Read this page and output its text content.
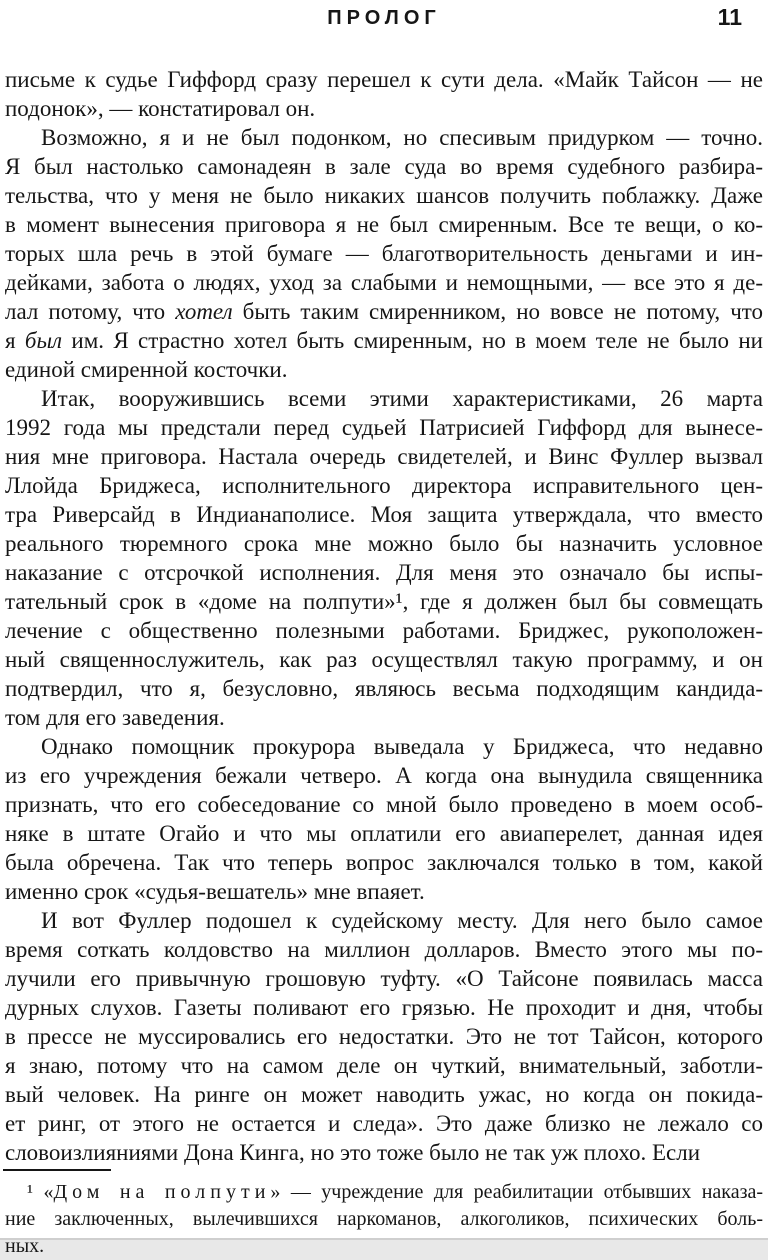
ПРОЛОГ	11
письме к судье Гиффорд сразу перешел к сути дела. «Майк Тайсон — не
подонок», — констатировал он.
Возможно, я и не был подонком, но спесивым придурком — точно.
Я был настолько самонадеян в зале суда во время судебного разбира-
тельства, что у меня не было никаких шансов получить поблажку. Даже
в момент вынесения приговора я не был смиренным. Все те вещи, о ко-
торых шла речь в этой бумаге — благотворительность деньгами и ин-
дейками, забота о людях, уход за слабыми и немощными, — все это я де-
лал потому, что хотел быть таким смиренником, но вовсе не потому, что
я был им. Я страстно хотел быть смиренным, но в моем теле не было ни
единой смиренной косточки.
Итак, вооружившись всеми этими характеристиками, 26 марта
1992 года мы предстали перед судьей Патрисией Гиффорд для вынесе-
ния мне приговора. Настала очередь свидетелей, и Винс Фуллер вызвал
Ллойда Бриджеса, исполнительного директора исправительного цен-
тра Риверсайд в Индианаполисе. Моя защита утверждала, что вместо
реального тюремного срока мне можно было бы назначить условное
наказание с отсрочкой исполнения. Для меня это означало бы испы-
тательный срок в «доме на полпути»¹, где я должен был бы совмещать
лечение с общественно полезными работами. Бриджес, рукоположен-
ный священнослужитель, как раз осуществлял такую программу, и он
подтвердил, что я, безусловно, являюсь весьма подходящим кандида-
том для его заведения.
Однако помощник прокурора выведала у Бриджеса, что недавно
из его учреждения бежали четверо. А когда она вынудила священника
признать, что его собеседование со мной было проведено в моем особ-
няке в штате Огайо и что мы оплатили его авиаперелет, данная идея
была обречена. Так что теперь вопрос заключался только в том, какой
именно срок «судья-вешатель» мне впаяет.
И вот Фуллер подошел к судейскому месту. Для него было самое
время соткать колдовство на миллион долларов. Вместо этого мы по-
лучили его привычную грошовую туфту. «О Тайсоне появилась масса
дурных слухов. Газеты поливают его грязью. Не проходит и дня, чтобы
в прессе не муссировались его недостатки. Это не тот Тайсон, которого
я знаю, потому что на самом деле он чуткий, внимательный, заботли-
вый человек. На ринге он может наводить ужас, но когда он покида-
ет ринг, от этого не остается и следа». Это даже близко не лежало со
словоизлияниями Дона Кинга, но это тоже было не так уж плохо. Если
¹ «Дом на полпути» — учреждение для реабилитации отбывших наказа-
ние заключенных, вылечившихся наркоманов, алкоголиков, психических боль-
ных.
